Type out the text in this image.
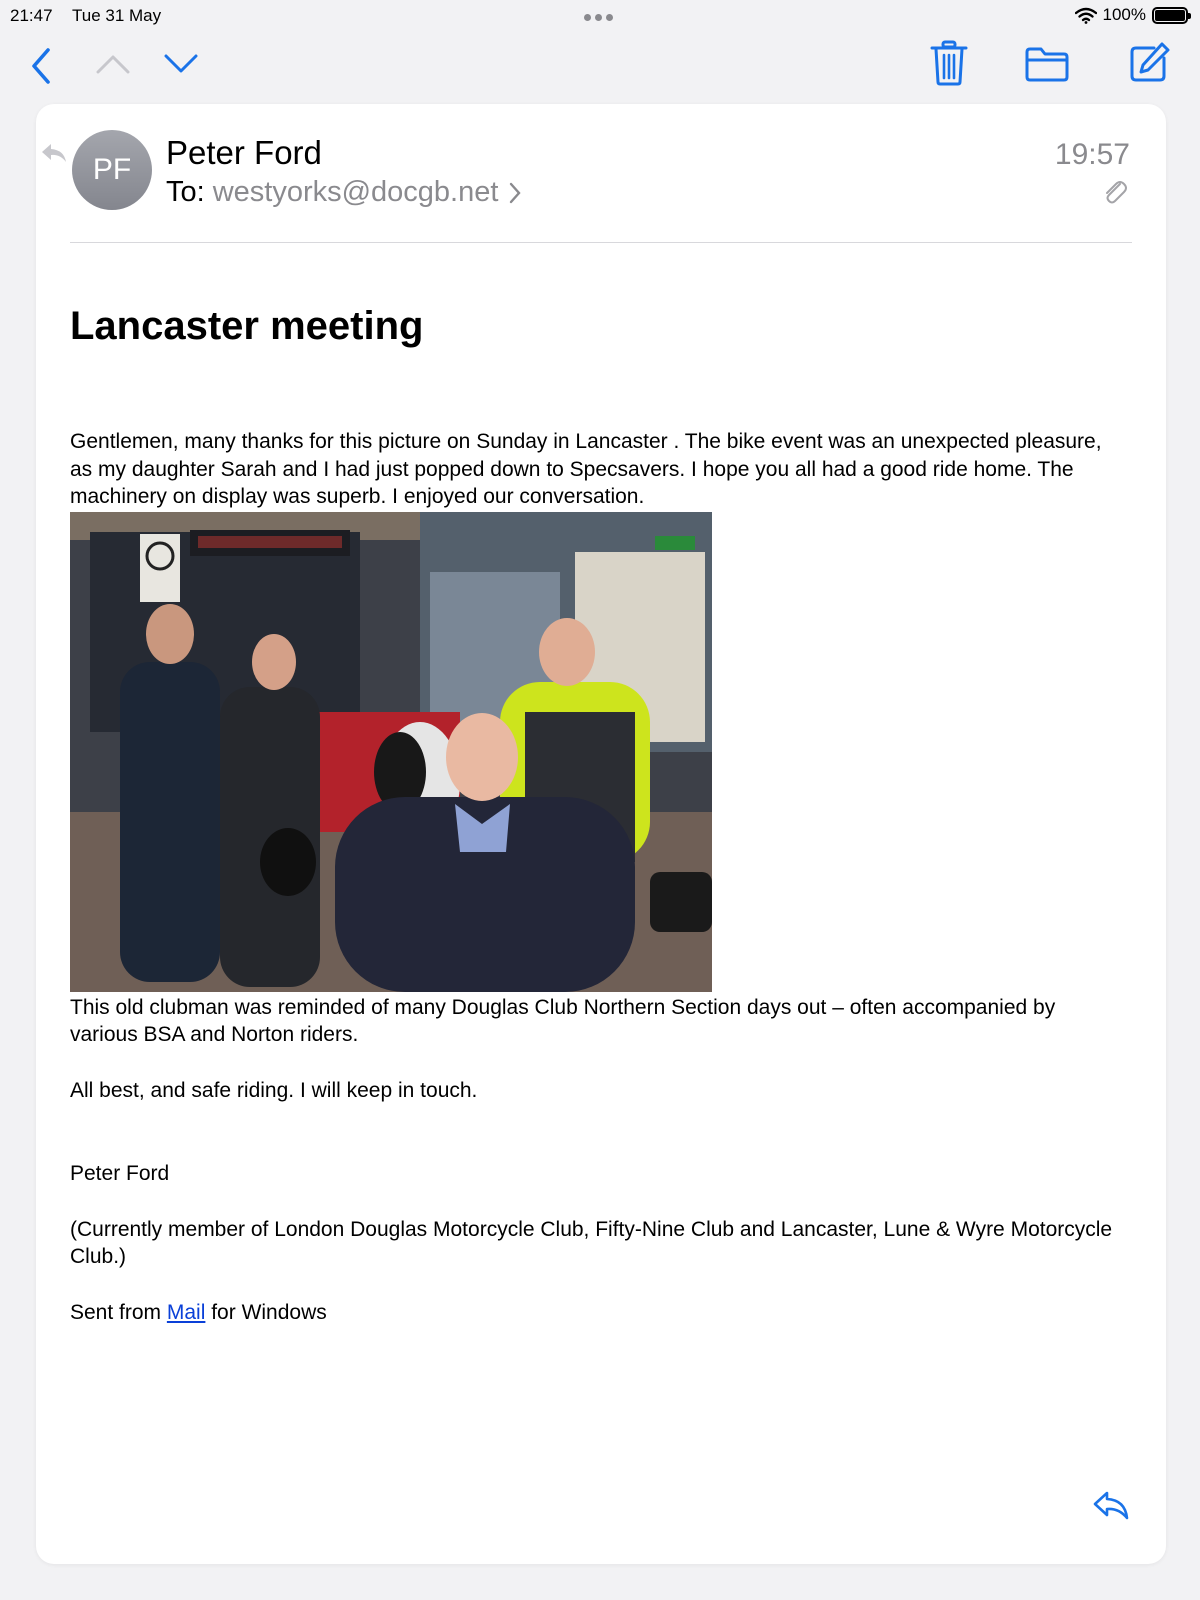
21:47 Tue 31 May	100%
PF	Peter Ford
To: westyorks@docgb.net
19:57
Lancaster meeting

Gentlemen, many thanks for this picture on Sunday in Lancaster . The bike event was an unexpected pleasure, as my daughter Sarah and I had just popped down to Specsavers. I hope you all had a good ride home. The machinery on display was superb. I enjoyed our conversation.

This old clubman was reminded of many Douglas Club Northern Section days out – often accompanied by various BSA and Norton riders.

All best, and safe riding. I will keep in touch.

Peter Ford

(Currently member of London Douglas Motorcycle Club, Fifty-Nine Club and Lancaster, Lune & Wyre Motorcycle Club.)

Sent from Mail for Windows
